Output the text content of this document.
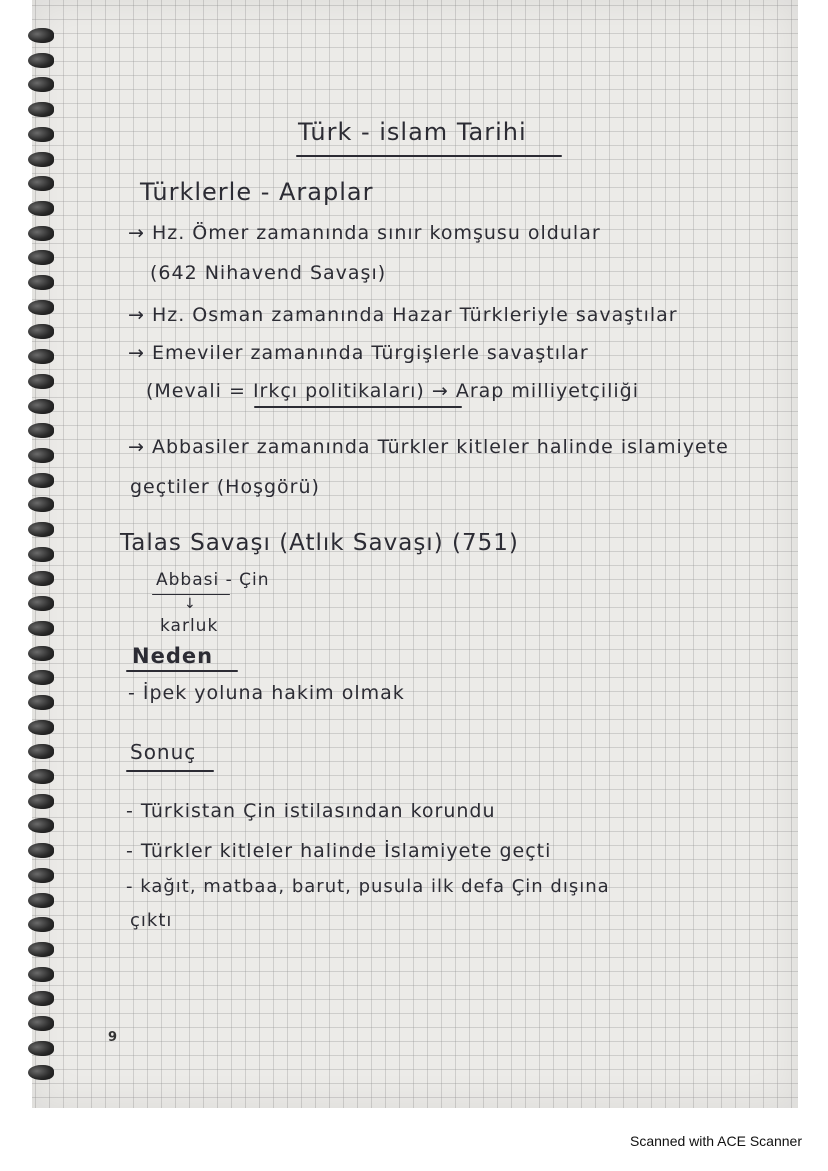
Türk - islam Tarihi
Türklerle - Araplar
→ Hz. Ömer zamanında sınır komşusu oldular
(642 Nihavend Savaşı)
→ Hz. Osman zamanında Hazar Türkleriyle savaştılar
→ Emeviler zamanında Türgişlerle savaştılar
(Mevali = Irkçı politikaları) → Arap milliyetçiliği
→ Abbasiler zamanında Türkler kitleler halinde islamiyete
geçtiler (Hoşgörü)
Talas Savaşı (Atlık Savaşı) (751)
Abbasi - Çin
↓
karluk
Neden
- İpek yoluna hakim olmak
Sonuç
- Türkistan Çin istilasından korundu
- Türkler kitleler halinde İslamiyete geçti
- kağıt, matbaa, barut, pusula ilk defa Çin dışına
çıktı
9
Scanned with ACE Scanner
